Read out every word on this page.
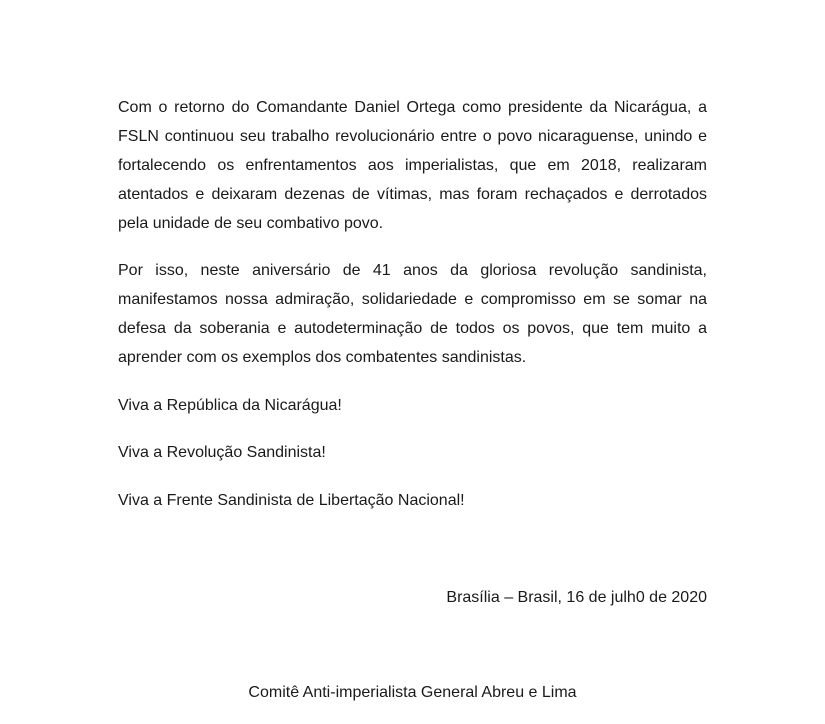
Com o retorno do Comandante Daniel Ortega como presidente da Nicarágua, a FSLN continuou seu trabalho revolucionário entre o povo nicaraguense, unindo e fortalecendo os enfrentamentos aos imperialistas, que em 2018, realizaram atentados e deixaram dezenas de vítimas, mas foram rechaçados e derrotados pela unidade de seu combativo povo.

Por isso, neste aniversário de 41 anos da gloriosa revolução sandinista, manifestamos nossa admiração, solidariedade e compromisso em se somar na defesa da soberania e autodeterminação de todos os povos, que tem muito a aprender com os exemplos dos combatentes sandinistas.

Viva a República da Nicarágua!

Viva a Revolução Sandinista!

Viva a Frente Sandinista de Libertação Nacional!

Brasília – Brasil, 16 de julh0 de 2020

Comitê Anti-imperialista General Abreu e Lima
